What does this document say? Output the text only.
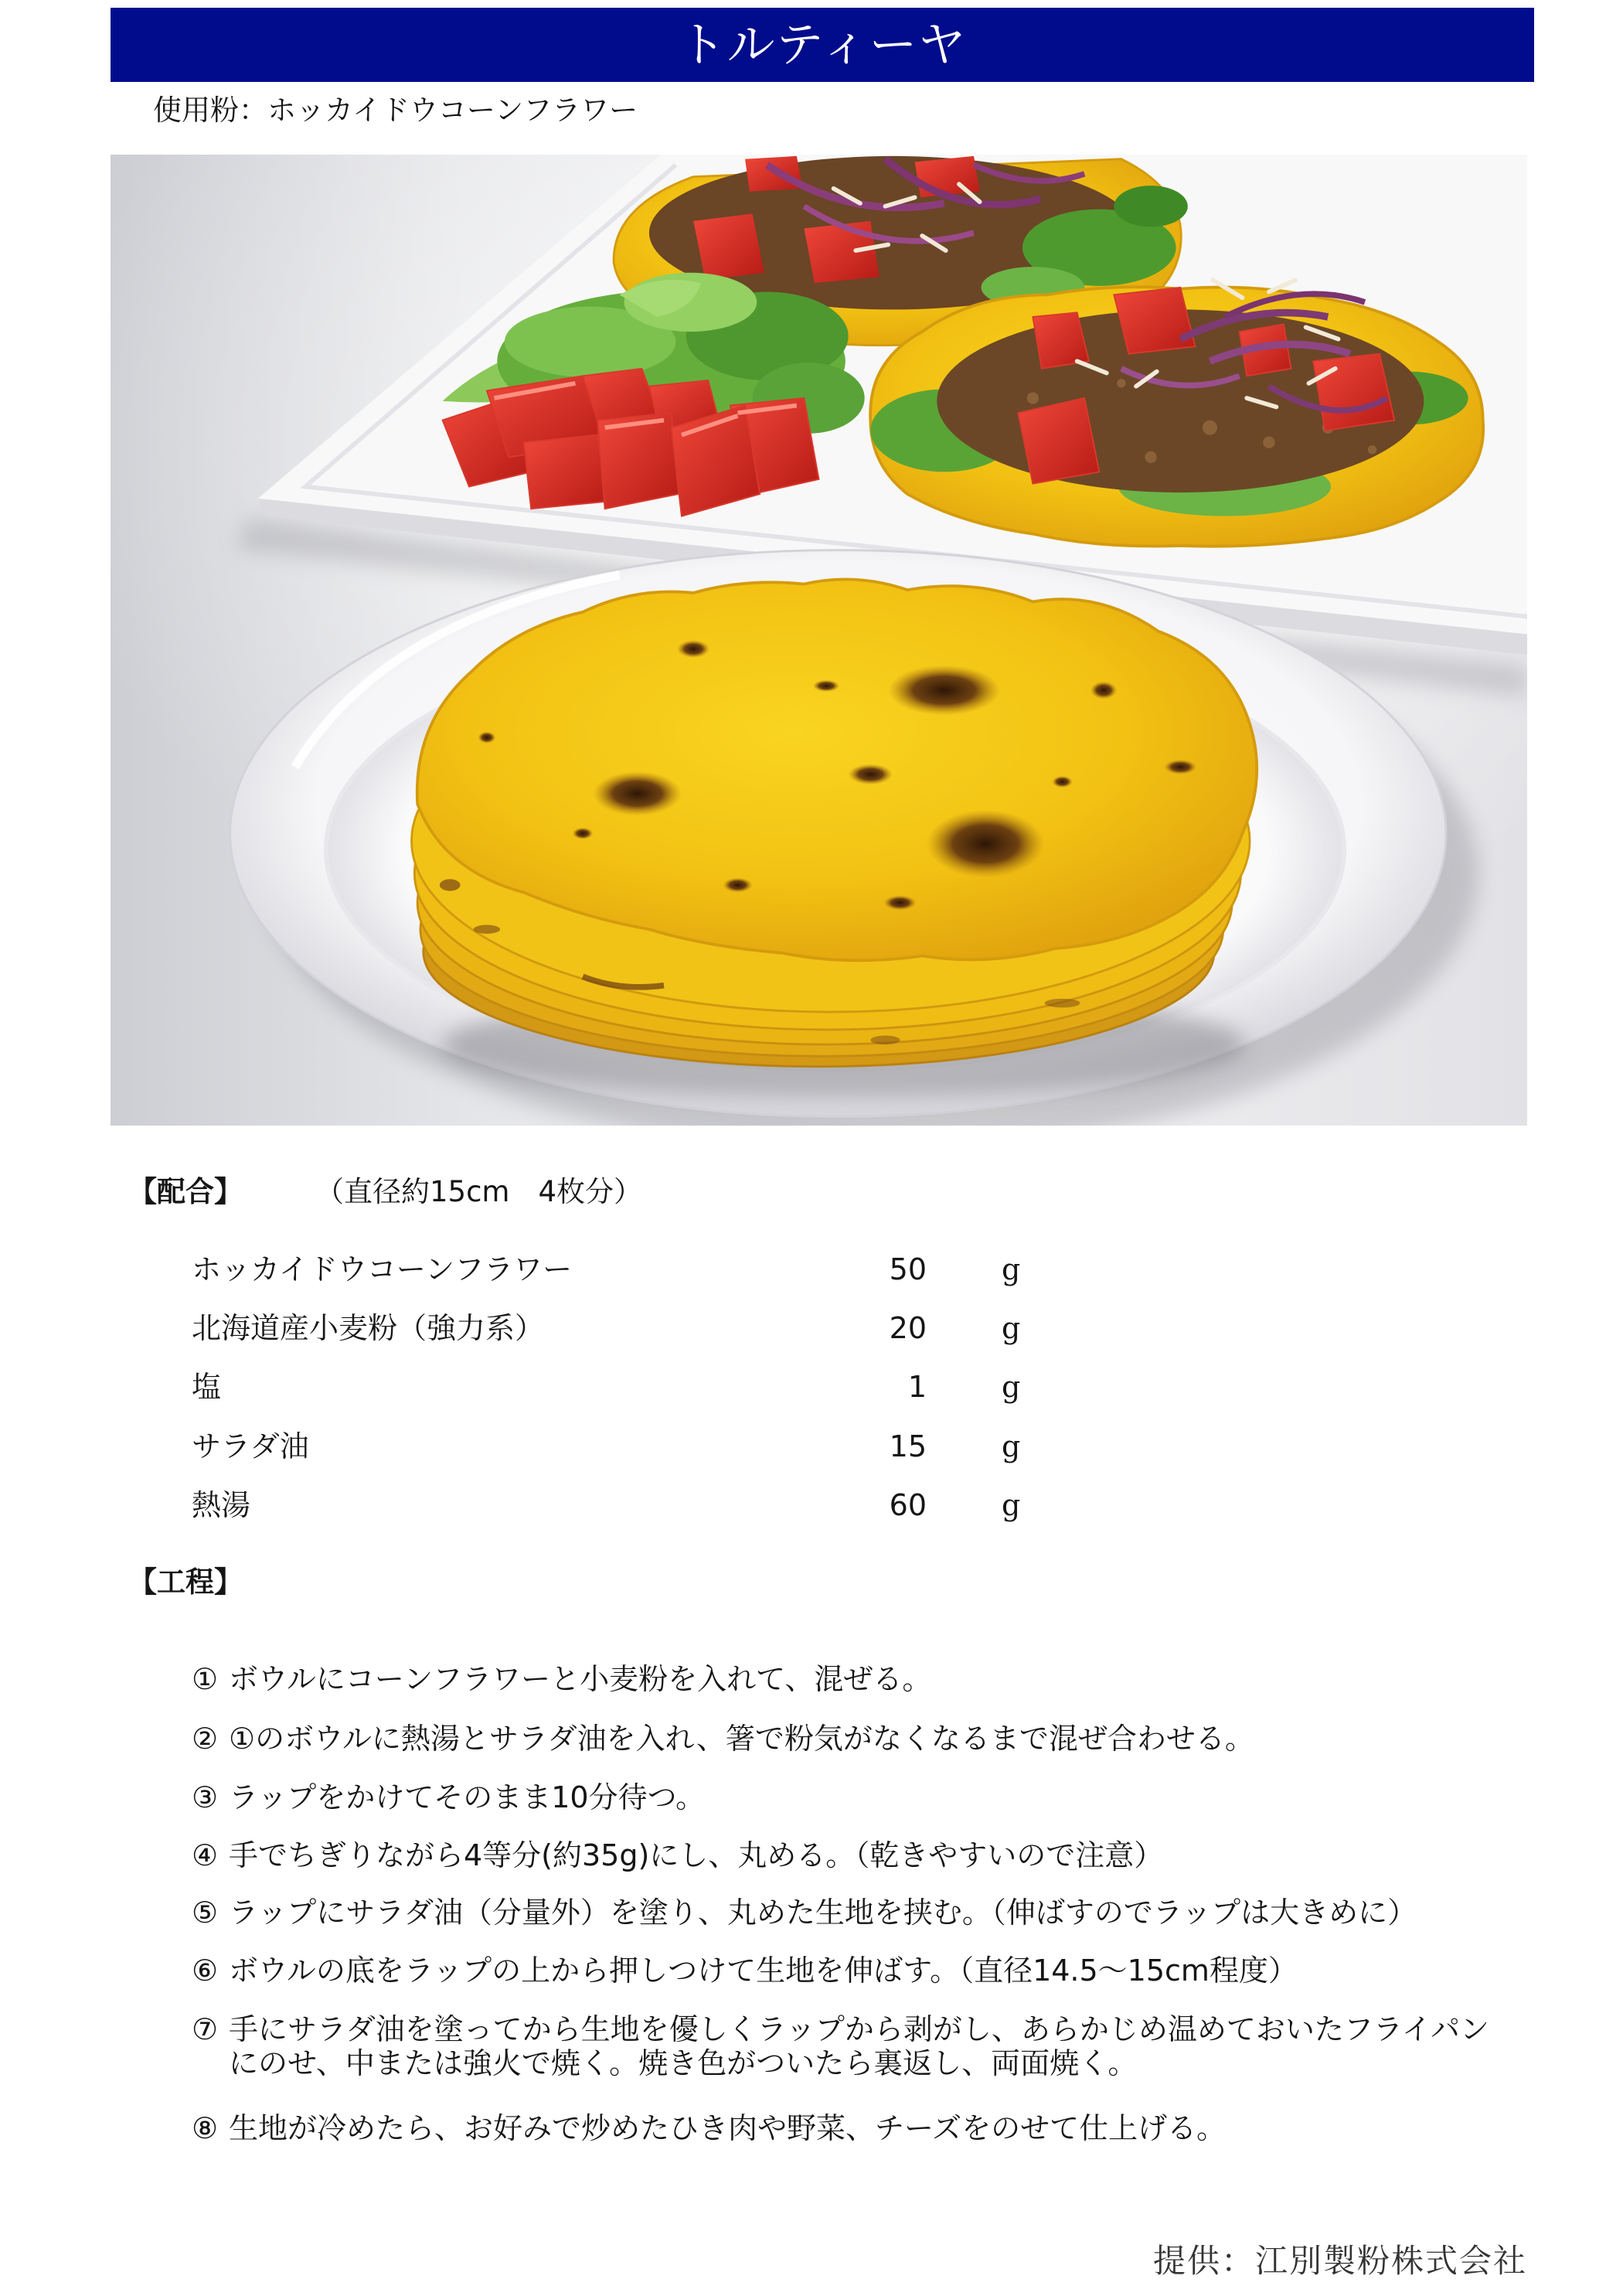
トルティーヤ
使用粉：ホッカイドウコーンフラワー
【配合】	（直径約15cm　4枚分）
ホッカイドウコーンフラワー	50	g
北海道産小麦粉（強力系）	20	g
塩	1	g
サラダ油	15	g
熱湯	60	g
【工程】
① ボウルにコーンフラワーと小麦粉を入れて、混ぜる。
② ①のボウルに熱湯とサラダ油を入れ、箸で粉気がなくなるまで混ぜ合わせる。
③ ラップをかけてそのまま10分待つ。
④ 手でちぎりながら4等分(約35g)にし、丸める。（乾きやすいので注意）
⑤ ラップにサラダ油（分量外）を塗り、丸めた生地を挟む。（伸ばすのでラップは大きめに）
⑥ ボウルの底をラップの上から押しつけて生地を伸ばす。（直径14.5～15cm程度）
⑦ 手にサラダ油を塗ってから生地を優しくラップから剥がし、あらかじめ温めておいたフライパン
にのせ、中または強火で焼く。焼き色がついたら裏返し、両面焼く。
⑧ 生地が冷めたら、お好みで炒めたひき肉や野菜、チーズをのせて仕上げる。
提供：江別製粉株式会社
